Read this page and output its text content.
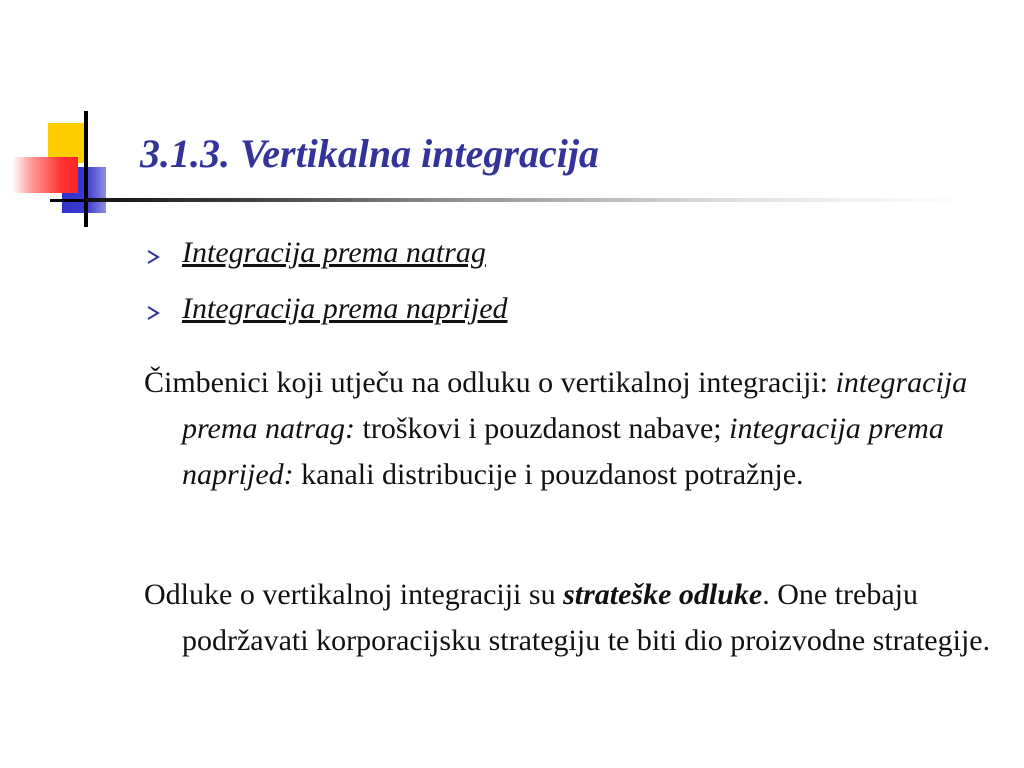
3.1.3. Vertikalna integracija
Integracija prema natrag
Integracija prema naprijed

Čimbenici koji utječu na odluku o vertikalnoj integraciji: integracija prema natrag: troškovi i pouzdanost nabave; integracija prema naprijed: kanali distribucije i pouzdanost potražnje.

Odluke o vertikalnoj integraciji su strateške odluke. One trebaju podržavati korporacijsku strategiju te biti dio proizvodne strategije.
